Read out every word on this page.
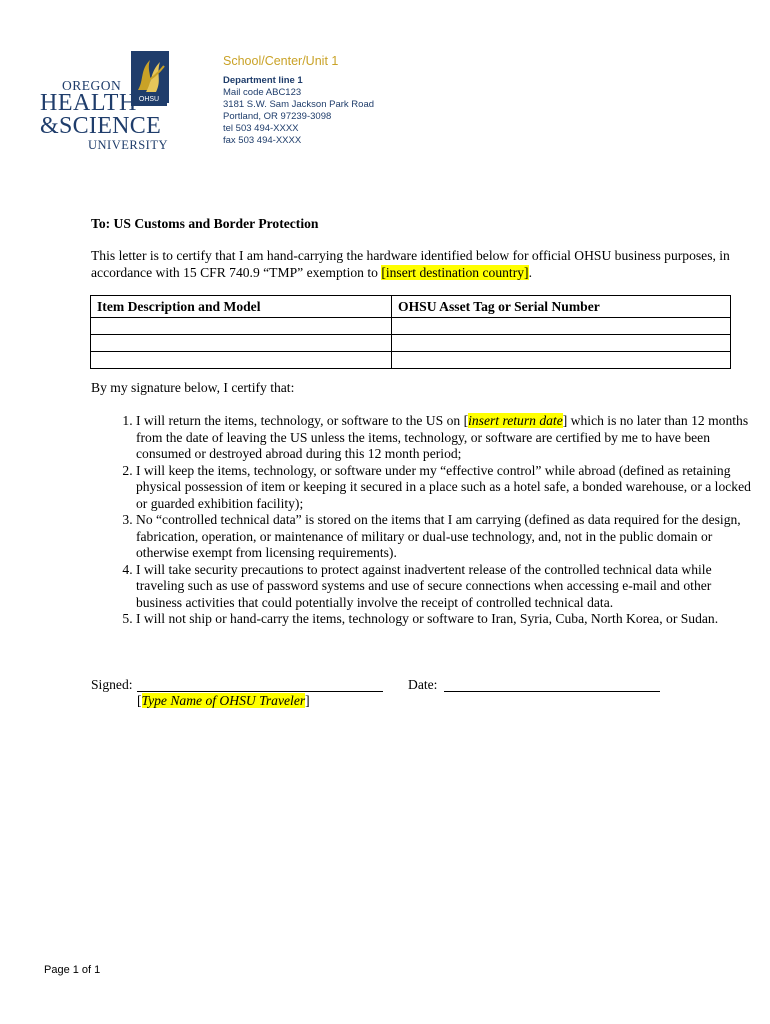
OHSU
OREGON
HEALTH
&SCIENCE
UNIVERSITY
School/Center/Unit 1
Department line 1
Mail code ABC123
3181 S.W. Sam Jackson Park Road
Portland, OR 97239-3098
tel 503 494-XXXX
fax 503 494-XXXX
To: US Customs and Border Protection
This letter is to certify that I am hand-carrying the hardware identified below for official OHSU business purposes, in accordance with 15 CFR 740.9 “TMP” exemption to [insert destination country].
Item Description and Model	OHSU Asset Tag or Serial Number

By my signature below, I certify that:
1. I will return the items, technology, or software to the US on [insert return date] which is no later than 12 months from the date of leaving the US unless the items, technology, or software are certified by me to have been consumed or destroyed abroad during this 12 month period;
2. I will keep the items, technology, or software under my “effective control” while abroad (defined as retaining physical possession of item or keeping it secured in a place such as a hotel safe, a bonded warehouse, or a locked or guarded exhibition facility);
3. No “controlled technical data” is stored on the items that I am carrying (defined as data required for the design, fabrication, operation, or maintenance of military or dual-use technology, and, not in the public domain or otherwise exempt from licensing requirements).
4. I will take security precautions to protect against inadvertent release of the controlled technical data while traveling such as use of password systems and use of secure connections when accessing e-mail and other business activities that could potentially involve the receipt of controlled technical data.
5. I will not ship or hand-carry the items, technology or software to Iran, Syria, Cuba, North Korea, or Sudan.
Signed:
[Type Name of OHSU Traveler]
Date:
Page 1 of 1
